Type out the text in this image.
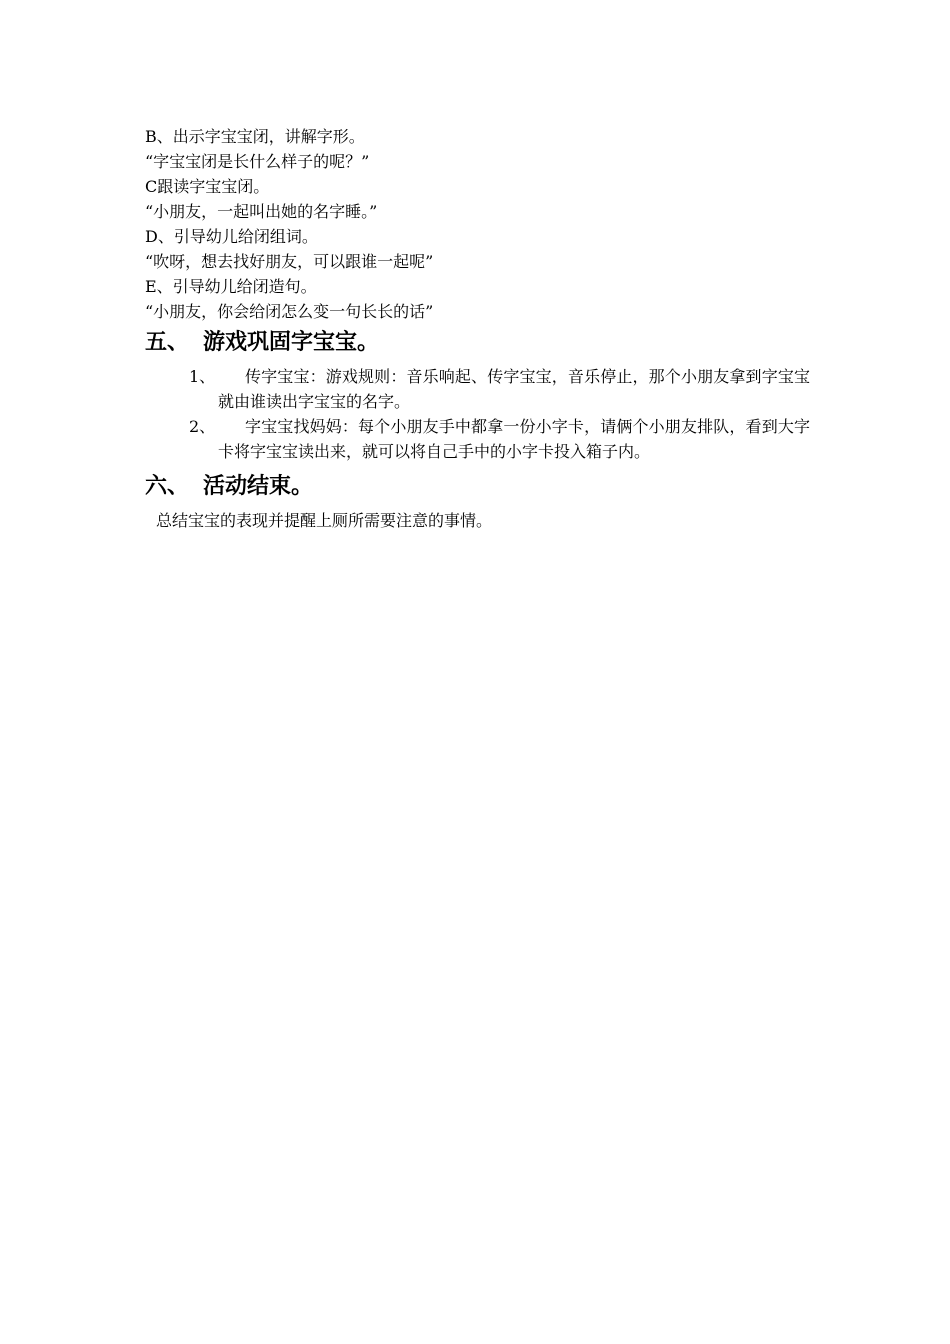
B、出示字宝宝闭，讲解字形。
“字宝宝闭是长什么样子的呢？”
C跟读字宝宝闭。
“小朋友，一起叫出她的名字睡。”
D、引导幼儿给闭组词。
“吹呀，想去找好朋友，可以跟谁一起呢”
E、引导幼儿给闭造句。
“小朋友，你会给闭怎么变一句长长的话”
五、 游戏巩固字宝宝。
1、	传字宝宝：游戏规则：音乐响起、传字宝宝，音乐停止，那个小朋友拿到字宝宝就由谁读出字宝宝的名字。
2、	字宝宝找妈妈：每个小朋友手中都拿一份小字卡，请俩个小朋友排队，看到大字卡将字宝宝读出来，就可以将自己手中的小字卡投入箱子内。
六、 活动结束。
总结宝宝的表现并提醒上厕所需要注意的事情。
